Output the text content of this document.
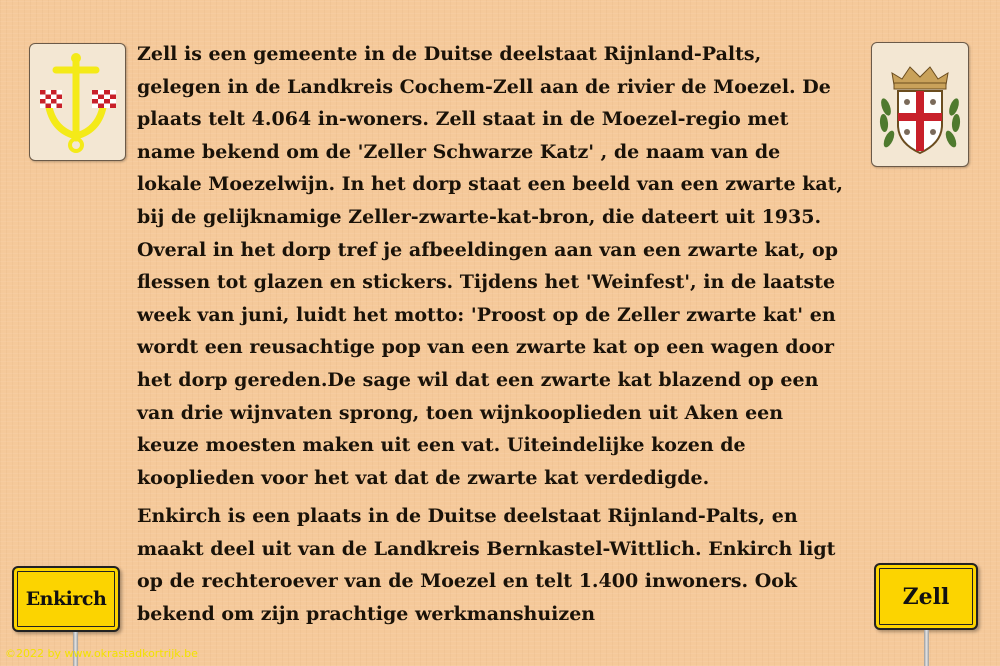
Zell is een gemeente in de Duitse deelstaat Rijnland-Palts, gelegen in de Landkreis Cochem-Zell aan de rivier de Moezel. De plaats telt 4.064 in-woners. Zell staat in de Moezel-regio met name bekend om de 'Zeller Schwarze Katz' , de naam van de lokale Moezelwijn. In het dorp staat een beeld van een zwarte kat, bij de gelijknamige Zeller-zwarte-kat-bron, die dateert uit 1935. Overal in het dorp tref je afbeeldingen aan van een zwarte kat, op flessen tot glazen en stickers. Tijdens het 'Weinfest', in de laatste week van juni, luidt het motto: 'Proost op de Zeller zwarte kat' en wordt een reusachtige pop van een zwarte kat op een wagen door het dorp gereden.De sage wil dat een zwarte kat blazend op een van drie wijnvaten sprong, toen wijnkooplieden uit Aken een keuze moesten maken uit een vat. Uiteindelijke kozen de kooplieden voor het vat dat de zwarte kat verdedigde.

Enkirch is een plaats in de Duitse deelstaat Rijnland-Palts, en maakt deel uit van de Landkreis Bernkastel-Wittlich. Enkirch ligt op de rechteroever van de Moezel en telt 1.400 inwoners. Ook bekend om zijn prachtige werkmanshuizen

Enkirch	Zell
©2022 by www.okrastadkortrijk.be
